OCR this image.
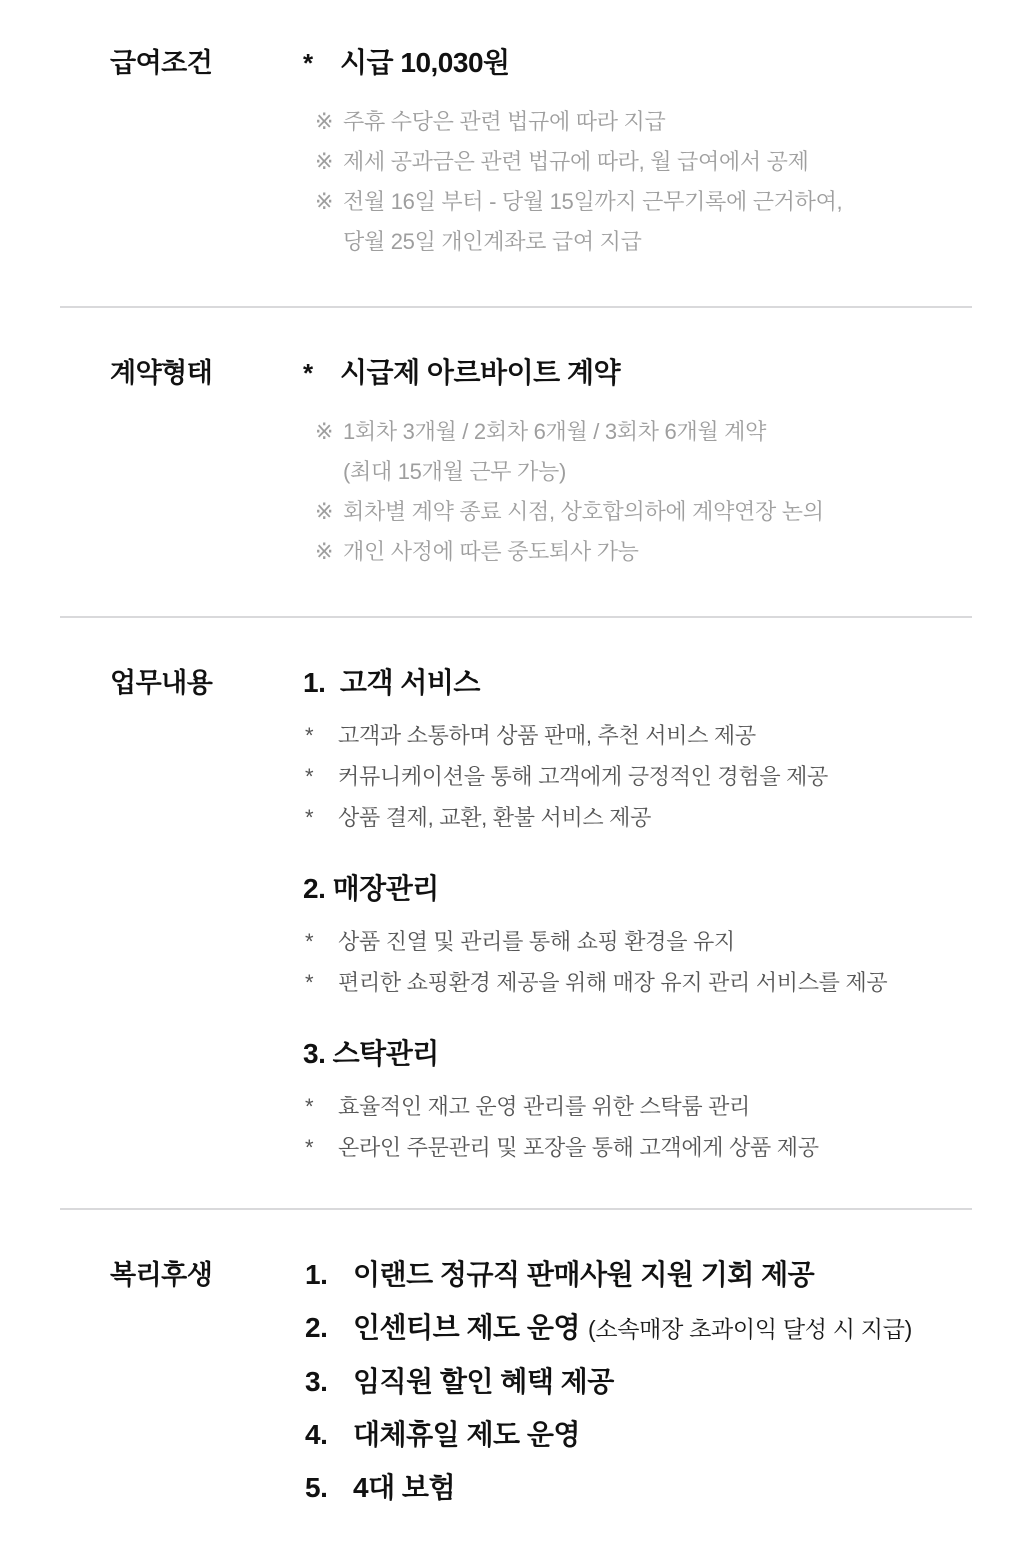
급여조건	* 시급 10,030원
※ 주휴 수당은 관련 법규에 따라 지급
※ 제세 공과금은 관련 법규에 따라, 월 급여에서 공제
※ 전월 16일 부터 - 당월 15일까지 근무기록에 근거하여,
당월 25일 개인계좌로 급여 지급
계약형태	* 시급제 아르바이트 계약
※ 1회차 3개월 / 2회차 6개월 / 3회차 6개월 계약
(최대 15개월 근무 가능)
※ 회차별 계약 종료 시점, 상호합의하에 계약연장 논의
※ 개인 사정에 따른 중도퇴사 가능
업무내용	1.  고객 서비스
*	고객과 소통하며 상품 판매, 추천 서비스 제공
*	커뮤니케이션을 통해 고객에게 긍정적인 경험을 제공
*	상품 결제, 교환, 환불 서비스 제공
2. 매장관리
*	상품 진열 및 관리를 통해 쇼핑 환경을 유지
*	편리한 쇼핑환경 제공을 위해 매장 유지 관리 서비스를 제공
3. 스탁관리
*	효율적인 재고 운영 관리를 위한 스탁룸 관리
*	온라인 주문관리 및 포장을 통해 고객에게 상품 제공
복리후생	1. 이랜드 정규직 판매사원 지원 기회 제공
2. 인센티브 제도 운영 (소속매장 초과이익 달성 시 지급)
3. 임직원 할인 혜택 제공
4. 대체휴일 제도 운영
5. 4대 보험
